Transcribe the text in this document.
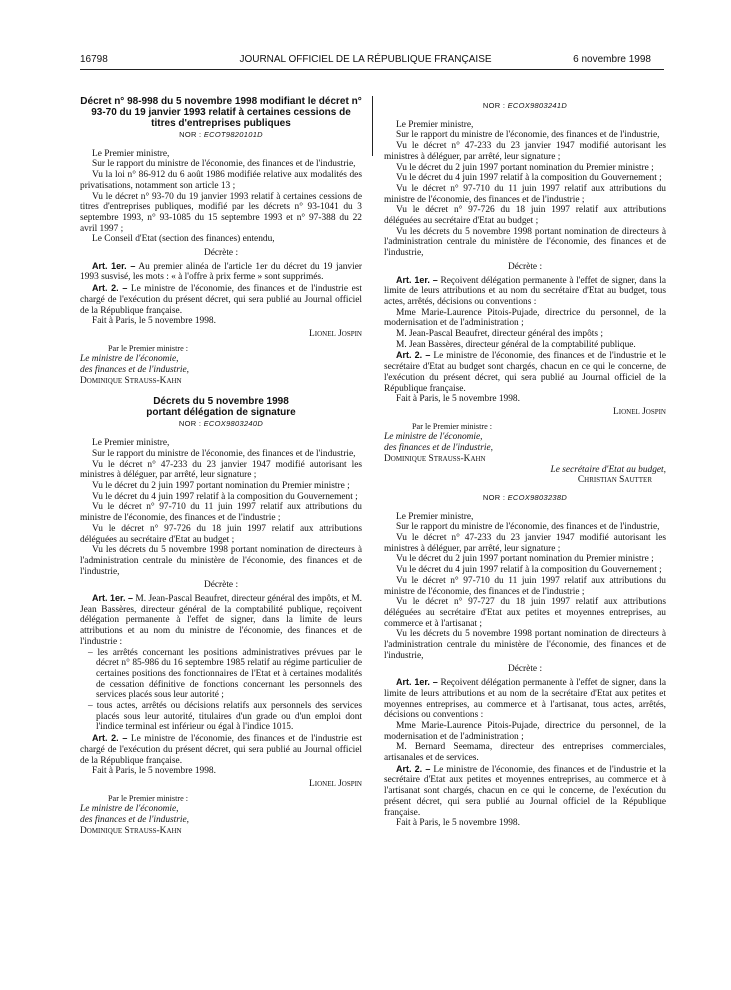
16798	JOURNAL OFFICIEL DE LA RÉPUBLIQUE FRANÇAISE	6 novembre 1998
Décret n° 98-998 du 5 novembre 1998 modifiant le décret n° 93-70 du 19 janvier 1993 relatif à certaines cessions de titres d'entreprises publiques
NOR : ECOT9820101D

Le Premier ministre,

Sur le rapport du ministre de l'économie, des finances et de l'industrie,

Vu la loi n° 86-912 du 6 août 1986 modifiée relative aux modalités des privatisations, notamment son article 13 ;

Vu le décret n° 93-70 du 19 janvier 1993 relatif à certaines cessions de titres d'entreprises publiques, modifié par les décrets n° 93-1041 du 3 septembre 1993, n° 93-1085 du 15 septembre 1993 et n° 97-388 du 22 avril 1997 ;

Le Conseil d'Etat (section des finances) entendu,

Décrète :

Art. 1er. – Au premier alinéa de l'article 1er du décret du 19 janvier 1993 susvisé, les mots : « à l'offre à prix ferme » sont supprimés.

Art. 2. – Le ministre de l'économie, des finances et de l'industrie est chargé de l'exécution du présent décret, qui sera publié au Journal officiel de la République française.

Fait à Paris, le 5 novembre 1998.

Lionel Jospin
Par le Premier ministre :
Le ministre de l'économie,
des finances et de l'industrie,
Dominique Strauss-Kahn
Décrets du 5 novembre 1998
portant délégation de signature
NOR : ECOX9803240D

Le Premier ministre,

Sur le rapport du ministre de l'économie, des finances et de l'industrie,

Vu le décret n° 47-233 du 23 janvier 1947 modifié autorisant les ministres à déléguer, par arrêté, leur signature ;

Vu le décret du 2 juin 1997 portant nomination du Premier ministre ;

Vu le décret du 4 juin 1997 relatif à la composition du Gouvernement ;

Vu le décret n° 97-710 du 11 juin 1997 relatif aux attributions du ministre de l'économie, des finances et de l'industrie ;

Vu le décret n° 97-726 du 18 juin 1997 relatif aux attributions déléguées au secrétaire d'Etat au budget ;

Vu les décrets du 5 novembre 1998 portant nomination de directeurs à l'administration centrale du ministère de l'économie, des finances et de l'industrie,

Décrète :

Art. 1er. – M. Jean-Pascal Beaufret, directeur général des impôts, et M. Jean Bassères, directeur général de la comptabilité publique, reçoivent délégation permanente à l'effet de signer, dans la limite de leurs attributions et au nom du ministre de l'économie, des finances et de l'industrie :

– les arrêtés concernant les positions administratives prévues par le décret n° 85-986 du 16 septembre 1985 relatif au régime particulier de certaines positions des fonctionnaires de l'Etat et à certaines modalités de cessation définitive de fonctions concernant les personnels des services placés sous leur autorité ;

– tous actes, arrêtés ou décisions relatifs aux personnels des services placés sous leur autorité, titulaires d'un grade ou d'un emploi dont l'indice terminal est inférieur ou égal à l'indice 1015.

Art. 2. – Le ministre de l'économie, des finances et de l'industrie est chargé de l'exécution du présent décret, qui sera publié au Journal officiel de la République française.

Fait à Paris, le 5 novembre 1998.

Lionel Jospin
Par le Premier ministre :
Le ministre de l'économie,
des finances et de l'industrie,
Dominique Strauss-Kahn
NOR : ECOX9803241D

Le Premier ministre,

Sur le rapport du ministre de l'économie, des finances et de l'industrie,

Vu le décret n° 47-233 du 23 janvier 1947 modifié autorisant les ministres à déléguer, par arrêté, leur signature ;

Vu le décret du 2 juin 1997 portant nomination du Premier ministre ;

Vu le décret du 4 juin 1997 relatif à la composition du Gouvernement ;

Vu le décret n° 97-710 du 11 juin 1997 relatif aux attributions du ministre de l'économie, des finances et de l'industrie ;

Vu le décret n° 97-726 du 18 juin 1997 relatif aux attributions déléguées au secrétaire d'Etat au budget ;

Vu les décrets du 5 novembre 1998 portant nomination de directeurs à l'administration centrale du ministère de l'économie, des finances et de l'industrie,

Décrète :

Art. 1er. – Reçoivent délégation permanente à l'effet de signer, dans la limite de leurs attributions et au nom du secrétaire d'Etat au budget, tous actes, arrêtés, décisions ou conventions :

Mme Marie-Laurence Pitois-Pujade, directrice du personnel, de la modernisation et de l'administration ;

M. Jean-Pascal Beaufret, directeur général des impôts ;

M. Jean Bassères, directeur général de la comptabilité publique.

Art. 2. – Le ministre de l'économie, des finances et de l'industrie et le secrétaire d'Etat au budget sont chargés, chacun en ce qui le concerne, de l'exécution du présent décret, qui sera publié au Journal officiel de la République française.

Fait à Paris, le 5 novembre 1998.

Lionel Jospin
Par le Premier ministre :
Le ministre de l'économie,
des finances et de l'industrie,
Dominique Strauss-Kahn
Le secrétaire d'Etat au budget,
Christian Sautter
NOR : ECOX9803238D

Le Premier ministre,

Sur le rapport du ministre de l'économie, des finances et de l'industrie,

Vu le décret n° 47-233 du 23 janvier 1947 modifié autorisant les ministres à déléguer, par arrêté, leur signature ;

Vu le décret du 2 juin 1997 portant nomination du Premier ministre ;

Vu le décret du 4 juin 1997 relatif à la composition du Gouvernement ;

Vu le décret n° 97-710 du 11 juin 1997 relatif aux attributions du ministre de l'économie, des finances et de l'industrie ;

Vu le décret n° 97-727 du 18 juin 1997 relatif aux attributions déléguées au secrétaire d'Etat aux petites et moyennes entreprises, au commerce et à l'artisanat ;

Vu les décrets du 5 novembre 1998 portant nomination de directeurs à l'administration centrale du ministère de l'économie, des finances et de l'industrie,

Décrète :

Art. 1er. – Reçoivent délégation permanente à l'effet de signer, dans la limite de leurs attributions et au nom de la secrétaire d'Etat aux petites et moyennes entreprises, au commerce et à l'artisanat, tous actes, arrêtés, décisions ou conventions :

Mme Marie-Laurence Pitois-Pujade, directrice du personnel, de la modernisation et de l'administration ;

M. Bernard Seemama, directeur des entreprises commerciales, artisanales et de services.

Art. 2. – Le ministre de l'économie, des finances et de l'industrie et la secrétaire d'Etat aux petites et moyennes entreprises, au commerce et à l'artisanat sont chargés, chacun en ce qui le concerne, de l'exécution du présent décret, qui sera publié au Journal officiel de la République française.

Fait à Paris, le 5 novembre 1998.
